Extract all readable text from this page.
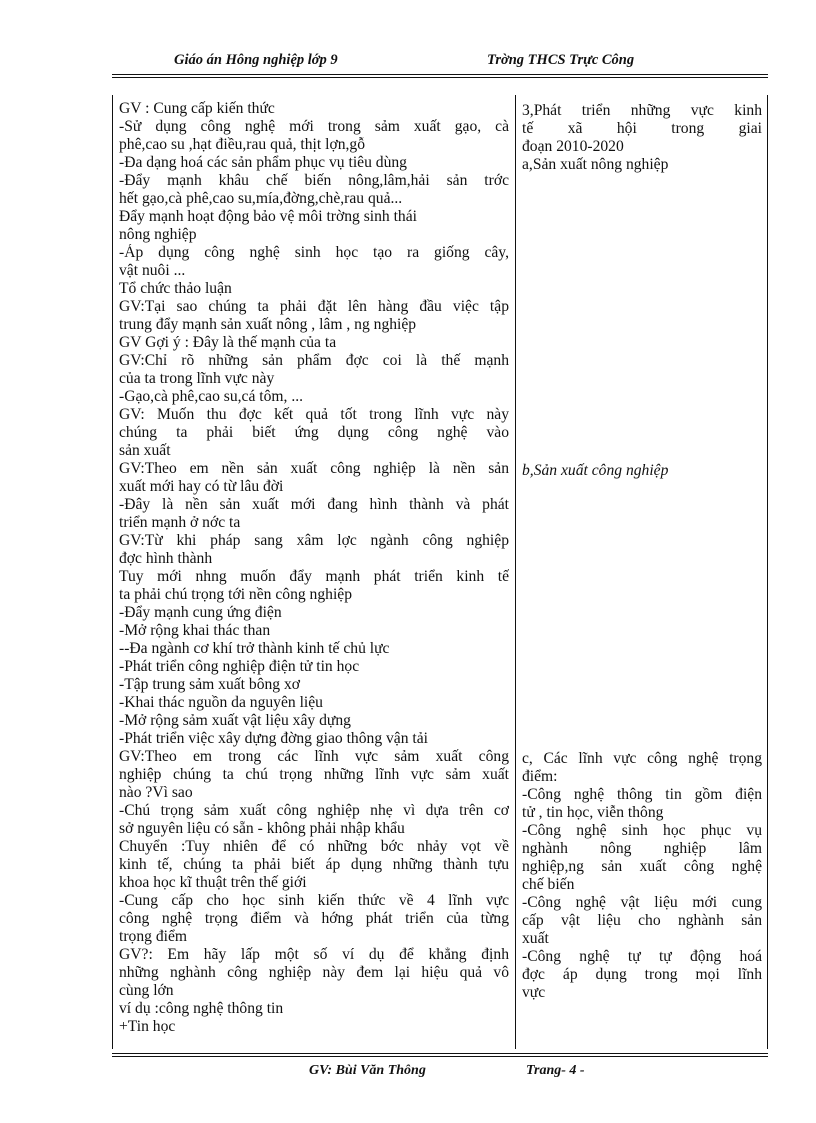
Giáo án Hông nghiệp lớp 9	Trờng THCS Trực Công
GV : Cung cấp kiến thức
-Sử dụng công nghệ mới trong sảm xuất gạo, cà
phê,cao su ,hạt điều,rau quả, thịt lợn,gỗ
-Đa dạng hoá các sản phẩm phục vụ tiêu dùng
-Đẩy mạnh khâu chế biến nông,lâm,hải sản trớc
hết gạo,cà phê,cao su,mía,đờng,chè,rau quả...
Đẩy mạnh hoạt động bảo vệ môi trờng sinh thái
nông nghiệp
-Áp dụng công nghệ sinh học tạo ra giống cây,
vật nuôi ...
Tổ chức thảo luận
GV:Tại sao chúng ta phải đặt lên hàng đầu việc tập
trung đẩy mạnh sản xuất nông , lâm , ng nghiệp
GV Gợi ý : Đây là thế mạnh của ta
GV:Chỉ rõ những sản phẩm đợc coi là thế mạnh
của ta trong lĩnh vực này
-Gạo,cà phê,cao su,cá tôm, ...
GV: Muốn thu đợc kết quả tốt trong lĩnh vực này
chúng ta phải biết ứng dụng công nghệ vào
sản xuất
GV:Theo em nền sản xuất công nghiệp là nền sản
xuất mới hay có từ lâu đời
-Đây là nền sản xuất mới đang hình thành và phát
triển mạnh ở nớc ta
GV:Từ khi pháp sang xâm lợc ngành công nghiệp
đợc hình thành
Tuy mới nhng muốn đẩy mạnh phát triển kinh tế
ta phải chú trọng tới nền công nghiệp
-Đẩy mạnh cung ứng điện
-Mở rộng khai thác than
--Đa ngành cơ khí trở thành kinh tế chủ lực
-Phát triển công nghiệp điện tử tin học
-Tập trung sảm xuất bông xơ
-Khai thác nguồn da nguyên liệu
-Mở rộng sảm xuất vật liệu xây dựng
-Phát triển việc xây dựng đờng giao thông vận tải
GV:Theo em trong các lĩnh vực sảm xuất công
nghiệp chúng ta chú trọng những lĩnh vực sảm xuất
nào ?Vì sao
-Chú trọng sảm xuất công nghiệp nhẹ vì dựa trên cơ
sở nguyên liệu có sẵn - không phải nhập khẩu
Chuyển :Tuy nhiên để có những bớc nhảy vọt về
kinh tế, chúng ta phải biết áp dụng những thành tựu
khoa học kĩ thuật trên thế giới
-Cung cấp cho học sinh kiến thức về 4 lĩnh vực
công nghệ trọng điểm và hớng phát triển của từng
trọng điểm
GV?: Em hãy lấp một số ví dụ để khẳng định
những nghành công nghiệp này đem lại hiệu quả vô
cùng lớn
ví dụ :công nghệ thông tin
+Tin học
3,Phát triển những vực kinh
tế xã hội trong giai
đoạn 2010-2020
a,Sản xuất nông nghiệp
b,Sản xuất công nghiệp
c, Các lĩnh vực công nghệ trọng
điểm:
-Công nghệ thông tin gồm điện
tử , tin học, viễn thông
-Công nghệ sinh học phục vụ
nghành nông nghiệp lâm
nghiệp,ng sản xuất công nghệ
chế biến
-Công nghệ vật liệu mới cung
cấp vật liệu cho nghành sản
xuất
-Công nghệ tự tự động hoá
đợc áp dụng trong mọi lĩnh
vực
GV: Bùi Văn Thông	Trang- 4 -
